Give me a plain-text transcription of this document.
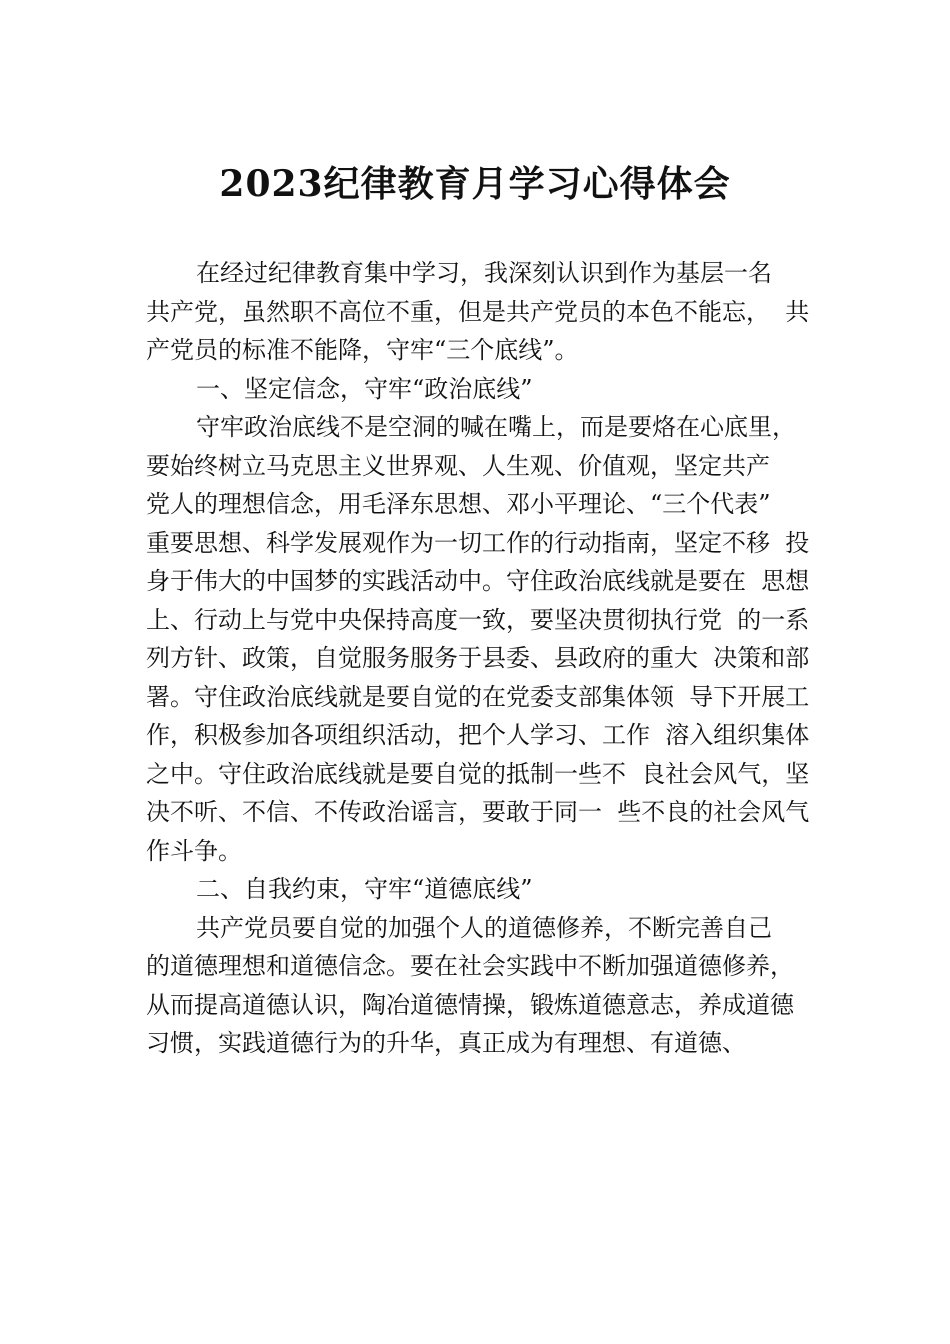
2023纪律教育月学习心得体会
在经过纪律教育集中学习，我深刻认识到作为基层一名
共产党，虽然职不高位不重，但是共产党员的本色不能忘，  共
产党员的标准不能降，守牢“三个底线”。
一、坚定信念，守牢“政治底线”
守牢政治底线不是空洞的喊在嘴上，而是要烙在心底里，
要始终树立马克思主义世界观、人生观、价值观，坚定共产
党人的理想信念，用毛泽东思想、邓小平理论、“三个代表”
重要思想、科学发展观作为一切工作的行动指南，坚定不移  投
身于伟大的中国梦的实践活动中。守住政治底线就是要在  思想
上、行动上与党中央保持高度一致，要坚决贯彻执行党  的一系
列方针、政策，自觉服务服务于县委、县政府的重大  决策和部
署。守住政治底线就是要自觉的在党委支部集体领  导下开展工
作，积极参加各项组织活动，把个人学习、工作  溶入组织集体
之中。守住政治底线就是要自觉的抵制一些不  良社会风气，坚
决不听、不信、不传政治谣言，要敢于同一  些不良的社会风气
作斗争。
二、自我约束，守牢“道德底线”
共产党员要自觉的加强个人的道德修养，不断完善自己
的道德理想和道德信念。要在社会实践中不断加强道德修养，
从而提高道德认识，陶冶道德情操，锻炼道德意志，养成道德
习惯，实践道德行为的升华，真正成为有理想、有道德、
